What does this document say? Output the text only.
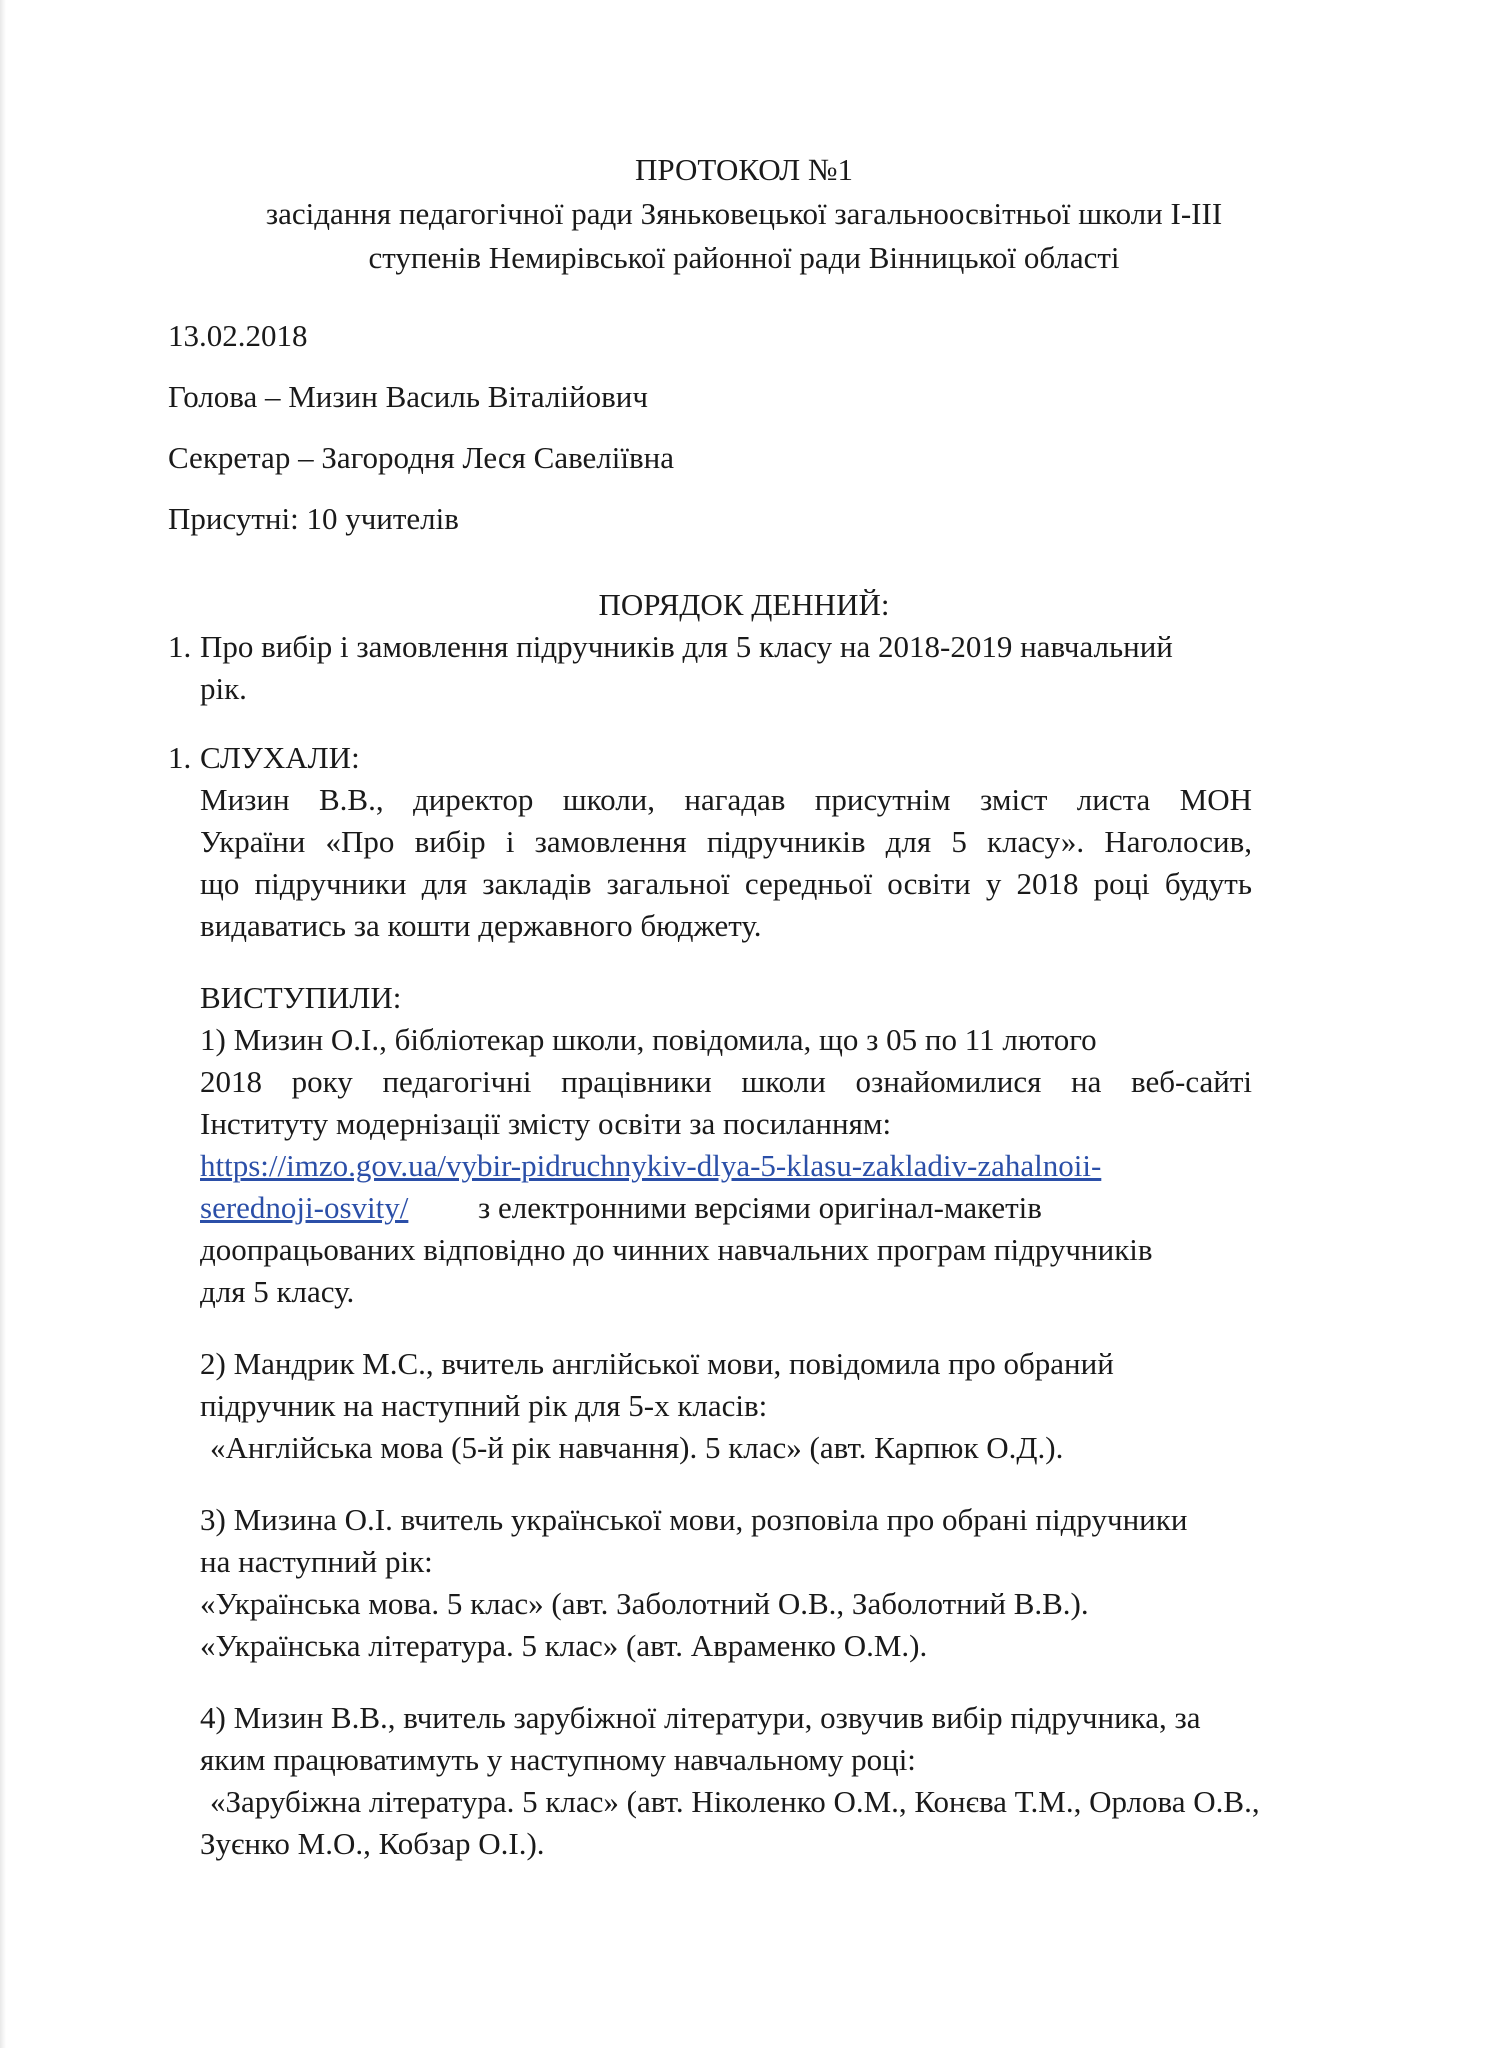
ПРОТОКОЛ №1
засідання педагогічної ради Зяньковецької загальноосвітньої школи І-ІІІ
ступенів Немирівської районної ради Вінницької області
13.02.2018
Голова – Мизин Василь Віталійович
Секретар – Загородня Леся Савеліївна
Присутні: 10 учителів
ПОРЯДОК ДЕННИЙ:
1. Про вибір і замовлення підручників для 5 класу на 2018-2019 навчальний
рік.
1. СЛУХАЛИ:
Мизин В.В., директор школи, нагадав присутнім зміст листа МОН
України «Про вибір і замовлення підручників для 5 класу». Наголосив,
що підручники для закладів загальної середньої освіти у 2018 році будуть
видаватись за кошти державного бюджету.
ВИСТУПИЛИ:
1) Мизин О.І., бібліотекар школи, повідомила, що з 05 по 11 лютого
2018 року педагогічні працівники школи ознайомилися на веб-сайті
Інституту модернізації змісту освіти за посиланням:
https://imzo.gov.ua/vybir-pidruchnykiv-dlya-5-klasu-zakladiv-zahalnoii-
serednoji-osvity/ з електронними версіями оригінал-макетів
доопрацьованих відповідно до чинних навчальних програм підручників
для 5 класу.
2) Мандрик М.С., вчитель англійської мови, повідомила про обраний
підручник на наступний рік для 5-х класів:
«Англійська мова (5-й рік навчання). 5 клас» (авт. Карпюк О.Д.).
3) Мизина О.І. вчитель української мови, розповіла про обрані підручники
на наступний рік:
«Українська мова. 5 клас» (авт. Заболотний О.В., Заболотний В.В.).
«Українська література. 5 клас» (авт. Авраменко О.М.).
4) Мизин В.В., вчитель зарубіжної літератури, озвучив вибір підручника, за
яким працюватимуть у наступному навчальному році:
«Зарубіжна література. 5 клас» (авт. Ніколенко О.М., Конєва Т.М., Орлова О.В.,
Зуєнко М.О., Кобзар О.І.).
